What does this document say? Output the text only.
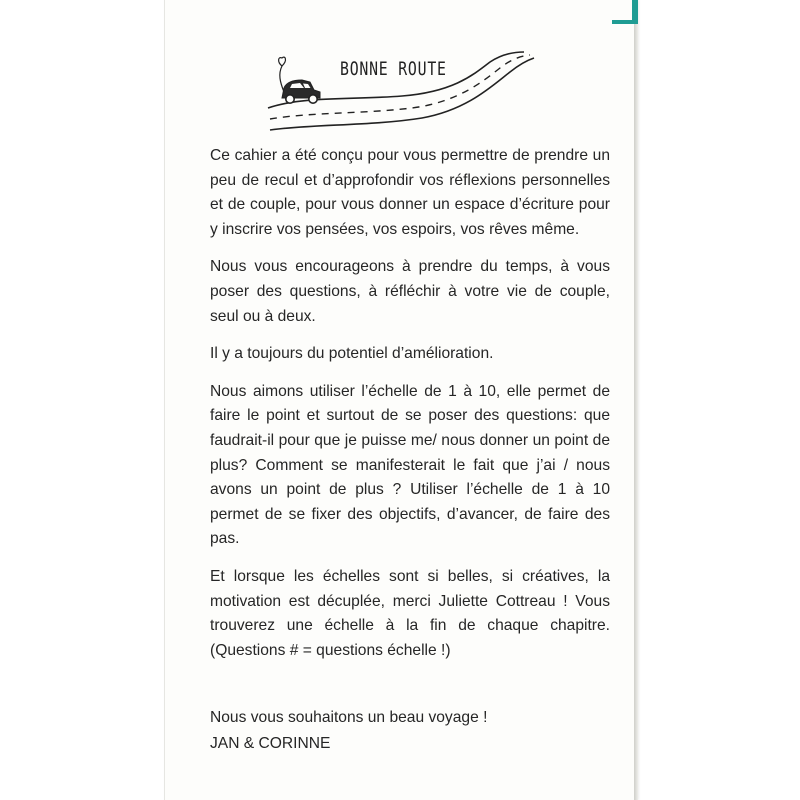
BONNE ROUTE

Ce cahier a été conçu pour vous permettre de prendre un peu de recul et d’approfondir vos réflexions personnelles et de couple, pour vous donner un espace d’écriture pour y inscrire vos pensées, vos espoirs, vos rêves même.

Nous vous encourageons à prendre du temps, à vous poser des questions, à réfléchir à votre vie de couple, seul ou à deux.

Il y a toujours du potentiel d’amélioration.

Nous aimons utiliser l’échelle de 1 à 10, elle permet de faire le point et surtout de se poser des questions: que faudrait-il pour que je puisse me/ nous donner un point de plus? Comment se manifesterait le fait que j’ai / nous avons un point de plus ? Utiliser l’échelle de 1 à 10 permet de se fixer des objectifs, d’avancer, de faire des pas.

Et lorsque les échelles sont si belles, si créatives, la motivation est décuplée, merci Juliette Cottreau ! Vous trouverez une échelle à la fin de chaque chapitre. (Questions # = questions échelle !)

Nous vous souhaitons un beau voyage !
JAN & CORINNE
